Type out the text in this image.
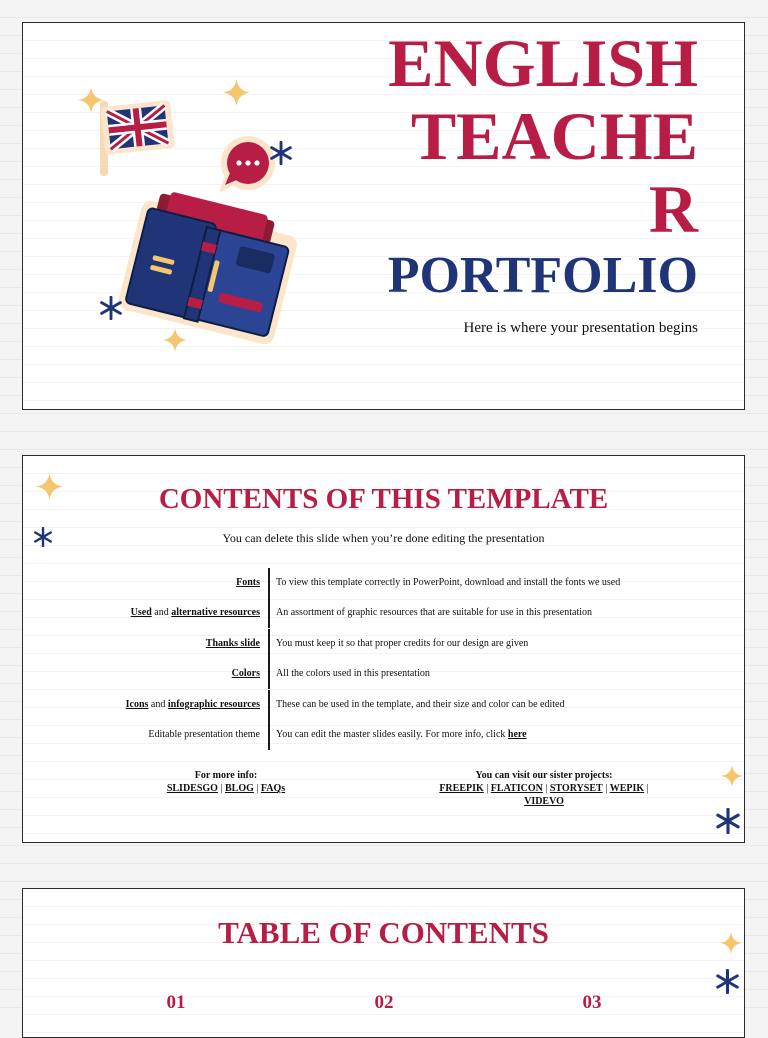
ENGLISH
TEACHE
R
PORTFOLIO
Here is where your presentation begins
CONTENTS OF THIS TEMPLATE
You can delete this slide when you’re done editing the presentation
Fonts To view this template correctly in PowerPoint, download and install the fonts we used
Used and alternative resources An assortment of graphic resources that are suitable for use in this presentation
Thanks slide You must keep it so that proper credits for our design are given
Colors All the colors used in this presentation
Icons and infographic resources These can be used in the template, and their size and color can be edited
Editable presentation theme You can edit the master slides easily. For more info, click here
For more info:
SLIDESGO | BLOG | FAQs
You can visit our sister projects:
FREEPIK | FLATICON | STORYSET | WEPIK |
VIDEVO
TABLE OF CONTENTS
01	02	03
